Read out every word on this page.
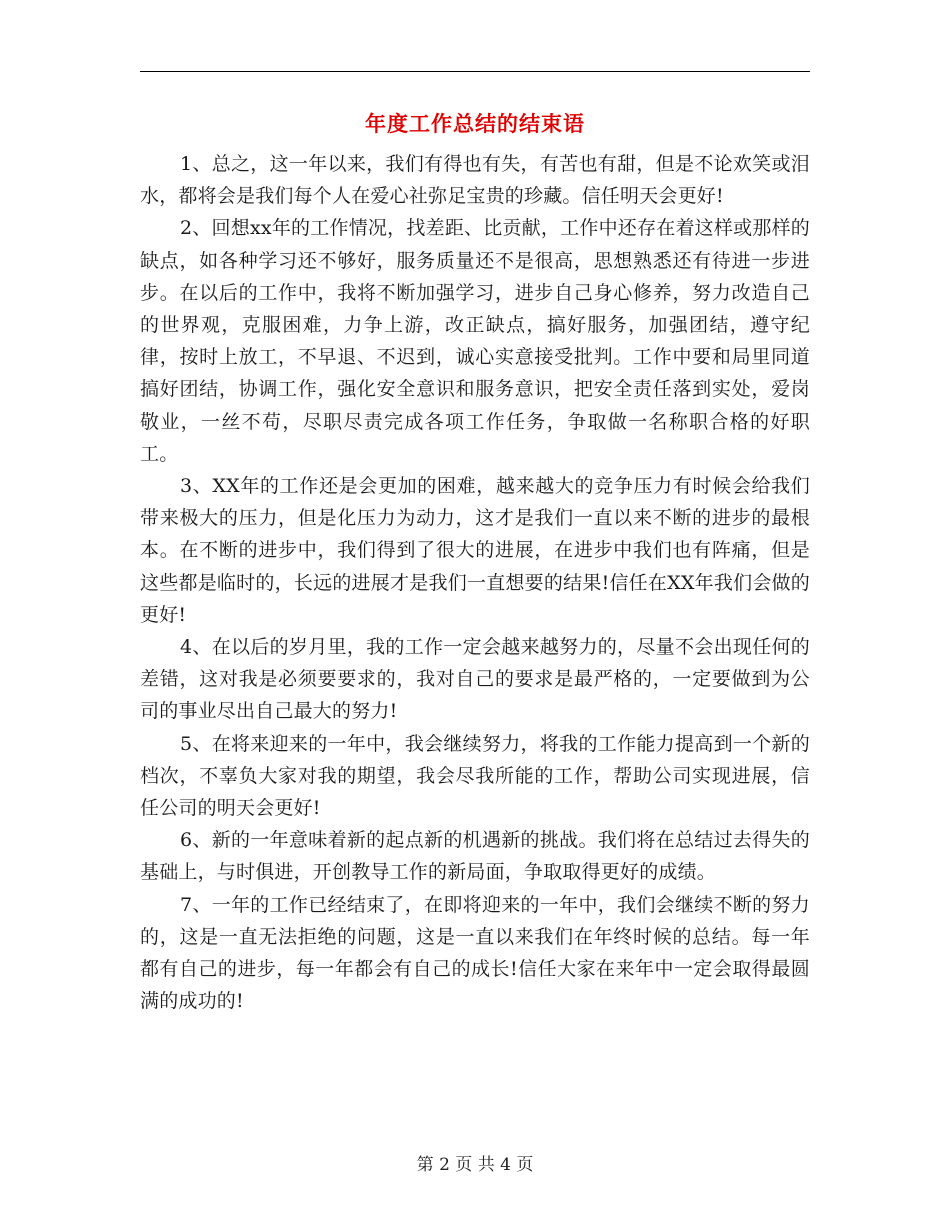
年度工作总结的结束语

1、总之，这一年以来，我们有得也有失，有苦也有甜，但是不论欢笑或泪水，都将会是我们每个人在爱心社弥足宝贵的珍藏。信任明天会更好!

2、回想xx年的工作情况，找差距、比贡献，工作中还存在着这样或那样的缺点，如各种学习还不够好，服务质量还不是很高，思想熟悉还有待进一步进步。在以后的工作中，我将不断加强学习，进步自己身心修养，努力改造自己的世界观，克服困难，力争上游，改正缺点，搞好服务，加强团结，遵守纪律，按时上放工，不早退、不迟到，诚心实意接受批判。工作中要和局里同道搞好团结，协调工作，强化安全意识和服务意识，把安全责任落到实处，爱岗敬业，一丝不苟，尽职尽责完成各项工作任务，争取做一名称职合格的好职工。

3、XX年的工作还是会更加的困难，越来越大的竞争压力有时候会给我们带来极大的压力，但是化压力为动力，这才是我们一直以来不断的进步的最根本。在不断的进步中，我们得到了很大的进展，在进步中我们也有阵痛，但是这些都是临时的，长远的进展才是我们一直想要的结果!信任在XX年我们会做的更好!

4、在以后的岁月里，我的工作一定会越来越努力的，尽量不会出现任何的差错，这对我是必须要要求的，我对自己的要求是最严格的，一定要做到为公司的事业尽出自己最大的努力!

5、在将来迎来的一年中，我会继续努力，将我的工作能力提高到一个新的档次，不辜负大家对我的期望，我会尽我所能的工作，帮助公司实现进展，信任公司的明天会更好!

6、新的一年意味着新的起点新的机遇新的挑战。我们将在总结过去得失的基础上，与时俱进，开创教导工作的新局面，争取取得更好的成绩。

7、一年的工作已经结束了，在即将迎来的一年中，我们会继续不断的努力的，这是一直无法拒绝的问题，这是一直以来我们在年终时候的总结。每一年都有自己的进步，每一年都会有自己的成长!信任大家在来年中一定会取得最圆满的成功的!

第 2 页 共 4 页
